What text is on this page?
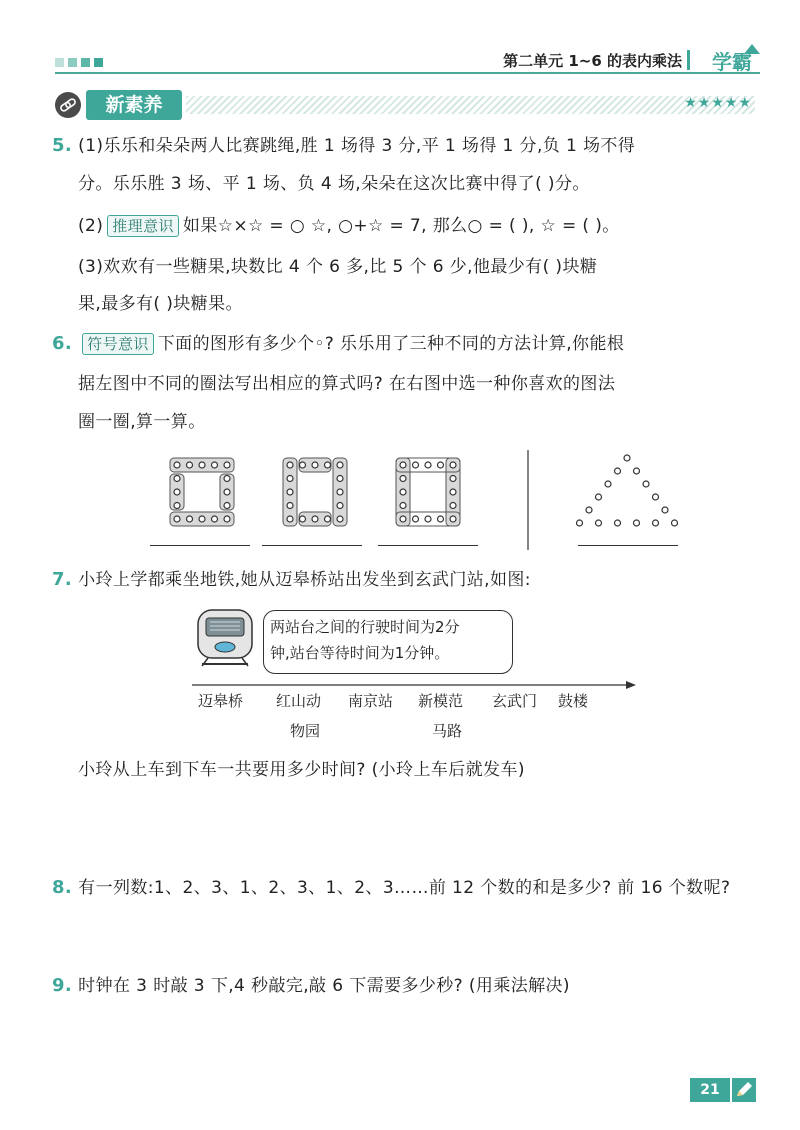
第二单元 1~6 的表内乘法 学霸
新素养	★★★★★
5. (1)乐乐和朵朵两人比赛跳绳,胜 1 场得 3 分,平 1 场得 1 分,负 1 场不得
分。乐乐胜 3 场、平 1 场、负 4 场,朵朵在这次比赛中得了( )分。
(2) 推理意识 如果☆×☆ = ○ ☆, ○+☆ = 7, 那么○ = ( ), ☆ = ( )。
(3)欢欢有一些糖果,块数比 4 个 6 多,比 5 个 6 少,他最少有( )块糖
果,最多有( )块糖果。
6. 符号意识 下面的图形有多少个◦? 乐乐用了三种不同的方法计算,你能根
据左图中不同的圈法写出相应的算式吗? 在右图中选一种你喜欢的图法
圈一圈,算一算。
7. 小玲上学都乘坐地铁,她从迈皋桥站出发坐到玄武门站,如图:
两站台之间的行驶时间为2分
钟,站台等待时间为1分钟。
迈皋桥 红山动 南京站 新模范 玄武门 鼓楼
物园	马路
小玲从上车到下车一共要用多少时间? (小玲上车后就发车)
8. 有一列数:1、2、3、1、2、3、1、2、3……前 12 个数的和是多少? 前 16 个数呢?
9. 时钟在 3 时敲 3 下,4 秒敲完,敲 6 下需要多少秒? (用乘法解决)
21
